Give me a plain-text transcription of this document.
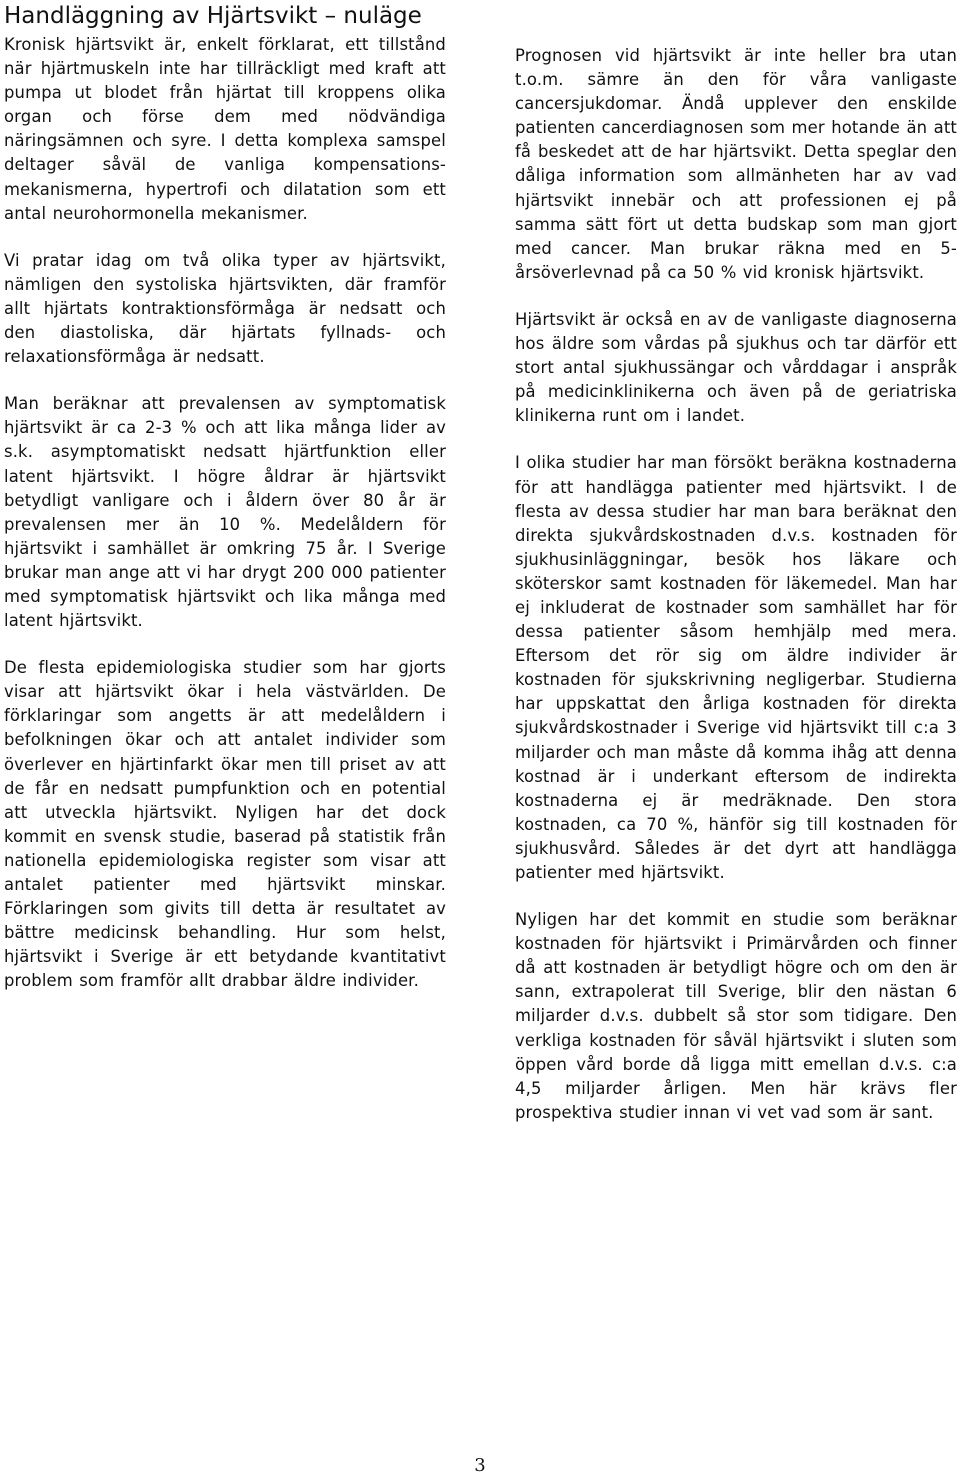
Handläggning av Hjärtsvikt – nuläge

Kronisk hjärtsvikt är, enkelt förklarat, ett tillstånd när hjärtmuskeln inte har tillräckligt med kraft att pumpa ut blodet från hjärtat till kroppens olika organ och förse dem med nödvändiga näringsämnen och syre. I detta komplexa samspel deltager såväl de vanliga kompensations-mekanismerna, hypertrofi och dilatation som ett antal neurohormonella mekanismer.

Vi pratar idag om två olika typer av hjärtsvikt, nämligen den systoliska hjärtsvikten, där framför allt hjärtats kontraktionsförmåga är nedsatt och den diastoliska, där hjärtats fyllnads- och relaxationsförmåga är nedsatt.

Man beräknar att prevalensen av symptomatisk hjärtsvikt är ca 2-3 % och att lika många lider av s.k. asymptomatiskt nedsatt hjärtfunktion eller latent hjärtsvikt. I högre åldrar är hjärtsvikt betydligt vanligare och i åldern över 80 år är prevalensen mer än 10 %. Medelåldern för hjärtsvikt i samhället är omkring 75 år. I Sverige brukar man ange att vi har drygt 200 000 patienter med symptomatisk hjärtsvikt och lika många med latent hjärtsvikt.

De flesta epidemiologiska studier som har gjorts visar att hjärtsvikt ökar i hela västvärlden. De förklaringar som angetts är att medelåldern i befolkningen ökar och att antalet individer som överlever en hjärtinfarkt ökar men till priset av att de får en nedsatt pumpfunktion och en potential att utveckla hjärtsvikt. Nyligen har det dock kommit en svensk studie, baserad på statistik från nationella epidemiologiska register som visar att antalet patienter med hjärtsvikt minskar. Förklaringen som givits till detta är resultatet av bättre medicinsk behandling. Hur som helst, hjärtsvikt i Sverige är ett betydande kvantitativt problem som framför allt drabbar äldre individer.

Prognosen vid hjärtsvikt är inte heller bra utan t.o.m. sämre än den för våra vanligaste cancersjukdomar. Ändå upplever den enskilde patienten cancerdiagnosen som mer hotande än att få beskedet att de har hjärtsvikt. Detta speglar den dåliga information som allmänheten har av vad hjärtsvikt innebär och att professionen ej på samma sätt fört ut detta budskap som man gjort med cancer. Man brukar räkna med en 5-årsöverlevnad på ca 50 % vid kronisk hjärtsvikt.

Hjärtsvikt är också en av de vanligaste diagnoserna hos äldre som vårdas på sjukhus och tar därför ett stort antal sjukhussängar och vårddagar i anspråk på medicinklinikerna och även på de geriatriska klinikerna runt om i landet.

I olika studier har man försökt beräkna kostnaderna för att handlägga patienter med hjärtsvikt. I de flesta av dessa studier har man bara beräknat den direkta sjukvårdskostnaden d.v.s. kostnaden för sjukhusinläggningar, besök hos läkare och sköterskor samt kostnaden för läkemedel. Man har ej inkluderat de kostnader som samhället har för dessa patienter såsom hemhjälp med mera. Eftersom det rör sig om äldre individer är kostnaden för sjukskrivning negligerbar. Studierna har uppskattat den årliga kostnaden för direkta sjukvårdskostnader i Sverige vid hjärtsvikt till c:a 3 miljarder och man måste då komma ihåg att denna kostnad är i underkant eftersom de indirekta kostnaderna ej är medräknade. Den stora kostnaden, ca 70 %, hänför sig till kostnaden för sjukhusvård. Således är det dyrt att handlägga patienter med hjärtsvikt.

Nyligen har det kommit en studie som beräknar kostnaden för hjärtsvikt i Primärvården och finner då att kostnaden är betydligt högre och om den är sann, extrapolerat till Sverige, blir den nästan 6 miljarder d.v.s. dubbelt så stor som tidigare. Den verkliga kostnaden för såväl hjärtsvikt i sluten som öppen vård borde då ligga mitt emellan d.v.s. c:a 4,5 miljarder årligen. Men här krävs fler prospektiva studier innan vi vet vad som är sant.

3
